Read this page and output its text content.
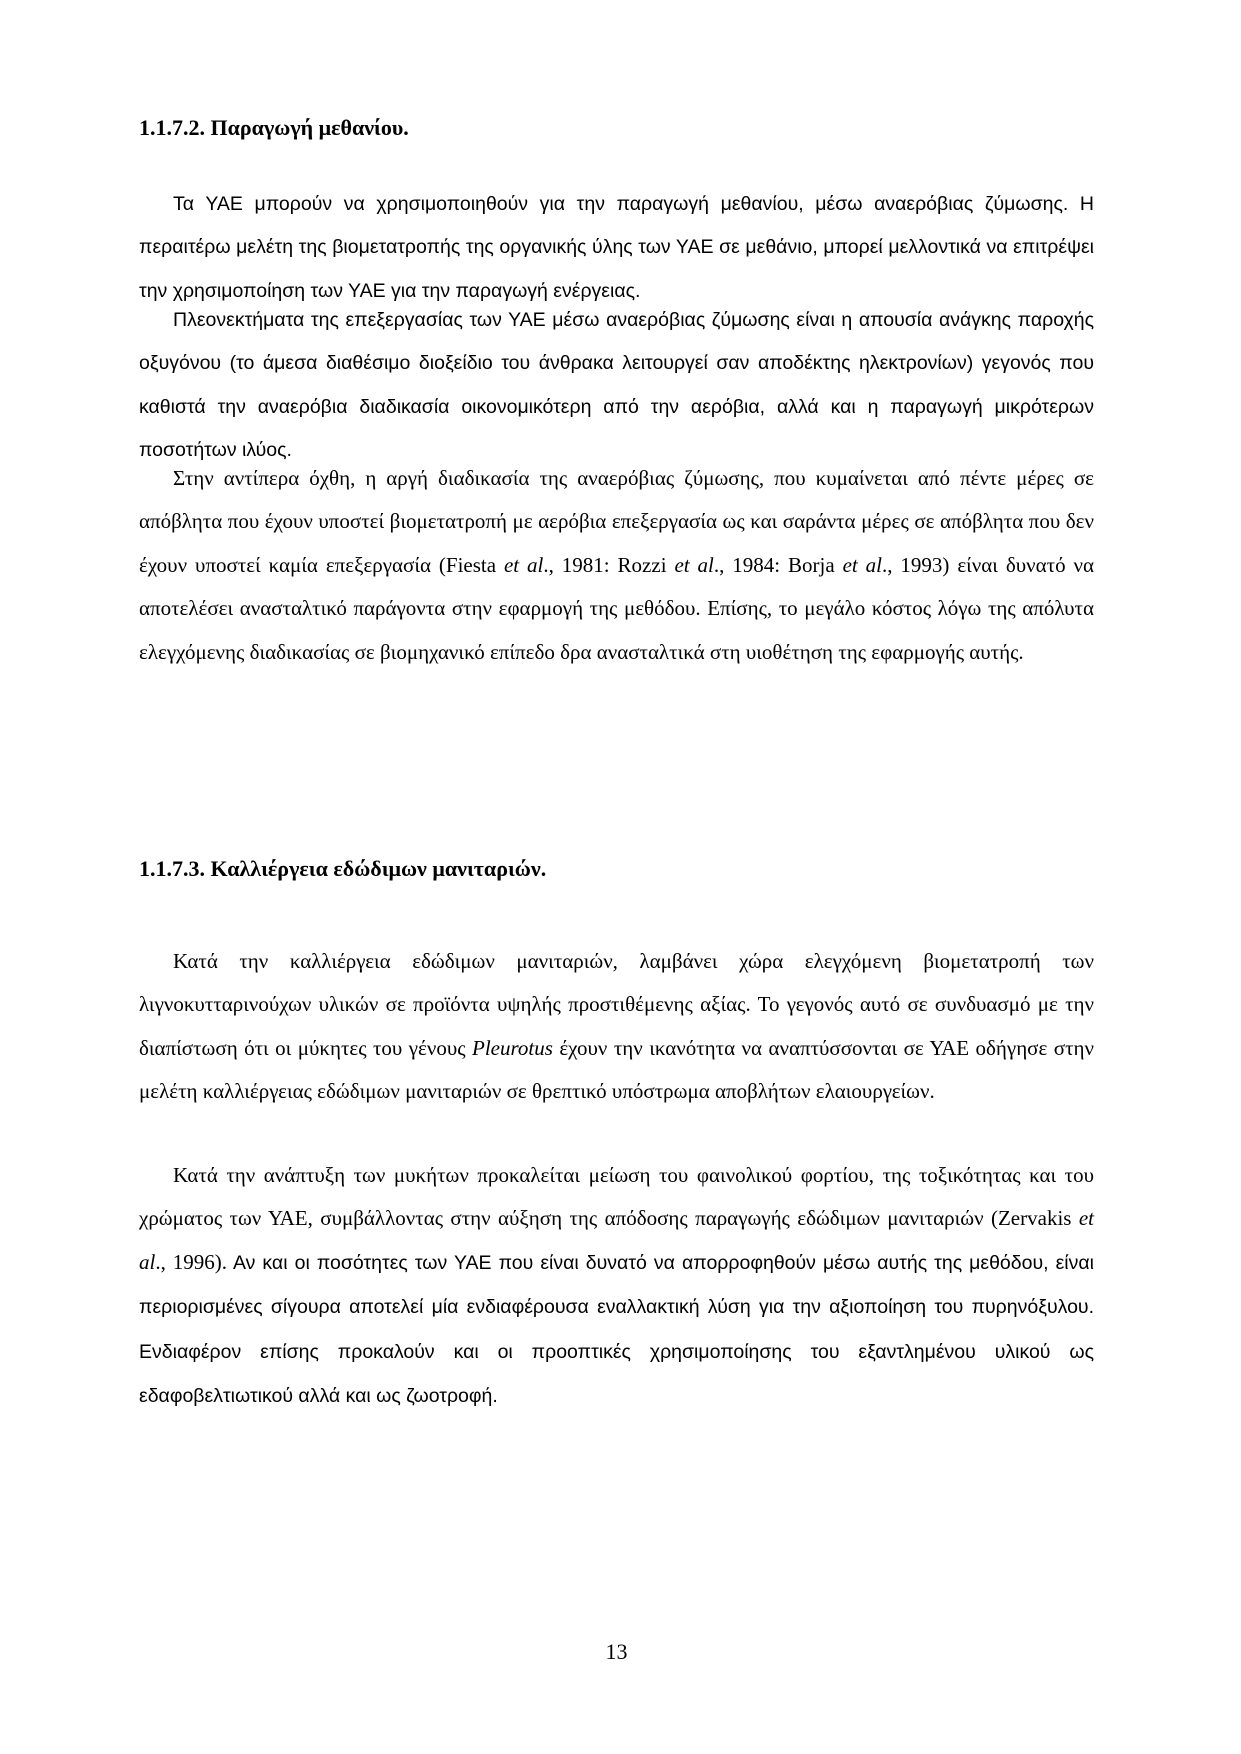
1.1.7.2. Παραγωγή μεθανίου.
Τα ΥΑΕ μπορούν να χρησιμοποιηθούν για την παραγωγή μεθανίου, μέσω αναερόβιας ζύμωσης. Η περαιτέρω μελέτη της βιομετατροπής της οργανικής ύλης των ΥΑΕ σε μεθάνιο, μπορεί μελλοντικά να επιτρέψει την χρησιμοποίηση των ΥΑΕ για την παραγωγή ενέργειας.
Πλεονεκτήματα της επεξεργασίας των ΥΑΕ μέσω αναερόβιας ζύμωσης είναι η απουσία ανάγκης παροχής οξυγόνου (το άμεσα διαθέσιμο διοξείδιο του άνθρακα λειτουργεί σαν αποδέκτης ηλεκτρονίων) γεγονός που καθιστά την αναερόβια διαδικασία οικονομικότερη από την αερόβια, αλλά και η παραγωγή μικρότερων ποσοτήτων ιλύος.
Στην αντίπερα όχθη, η αργή διαδικασία της αναερόβιας ζύμωσης, που κυμαίνεται από πέντε μέρες σε απόβλητα που έχουν υποστεί βιομετατροπή με αερόβια επεξεργασία ως και σαράντα μέρες σε απόβλητα που δεν έχουν υποστεί καμία επεξεργασία (Fiesta et al., 1981: Rozzi et al., 1984: Borja et al., 1993) είναι δυνατό να αποτελέσει ανασταλτικό παράγοντα στην εφαρμογή της μεθόδου. Επίσης, το μεγάλο κόστος λόγω της απόλυτα ελεγχόμενης διαδικασίας σε βιομηχανικό επίπεδο δρα ανασταλτικά στη υιοθέτηση της εφαρμογής αυτής.
1.1.7.3. Καλλιέργεια εδώδιμων μανιταριών.
Κατά την καλλιέργεια εδώδιμων μανιταριών, λαμβάνει χώρα ελεγχόμενη βιομετατροπή των λιγνοκυτταρινούχων υλικών σε προϊόντα υψηλής προστιθέμενης αξίας. Το γεγονός αυτό σε συνδυασμό με την διαπίστωση ότι οι μύκητες του γένους Pleurotus έχουν την ικανότητα να αναπτύσσονται σε ΥΑΕ οδήγησε στην μελέτη καλλιέργειας εδώδιμων μανιταριών σε θρεπτικό υπόστρωμα αποβλήτων ελαιουργείων.
Κατά την ανάπτυξη των μυκήτων προκαλείται μείωση του φαινολικού φορτίου, της τοξικότητας και του χρώματος των ΥΑΕ, συμβάλλοντας στην αύξηση της απόδοσης παραγωγής εδώδιμων μανιταριών (Zervakis et al., 1996). Αν και οι ποσότητες των ΥΑΕ που είναι δυνατό να απορροφηθούν μέσω αυτής της μεθόδου, είναι περιορισμένες σίγουρα αποτελεί μία ενδιαφέρουσα εναλλακτική λύση για την αξιοποίηση του πυρηνόξυλου. Ενδιαφέρον επίσης προκαλούν και οι προοπτικές χρησιμοποίησης του εξαντλημένου υλικού ως εδαφοβελτιωτικού αλλά και ως ζωοτροφή.
13
